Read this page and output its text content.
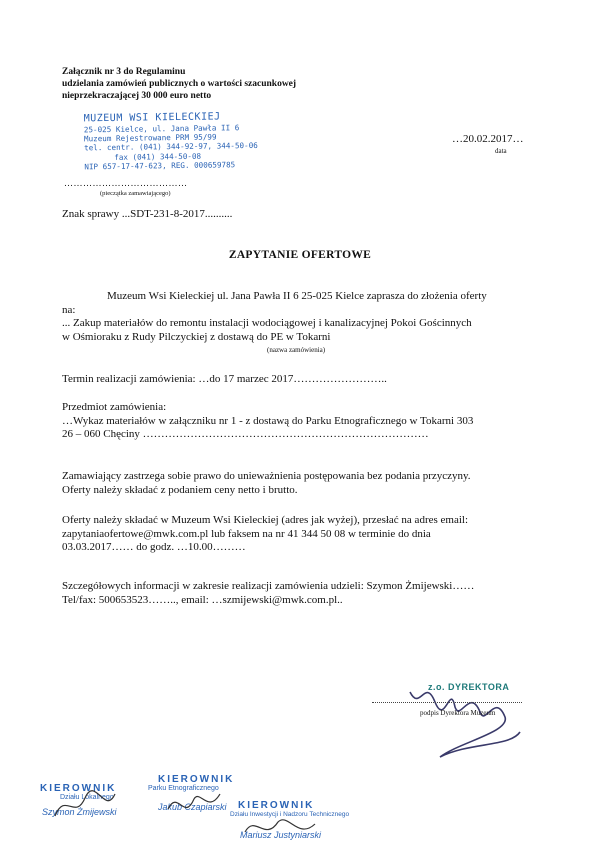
Załącznik nr 3 do Regulaminu
udzielania zamówień publicznych o wartości szacunkowej
nieprzekraczającej 30 000 euro netto
MUZEUM WSI KIELECKIEJ
25-025 Kielce, ul. Jana Pawła II 6
Muzeum Rejestrowane PRM 95/99
tel. centr. (041) 344-92-97, 344-50-06
fax (041) 344-50-08
NIP 657-17-47-623, REG. 000659785
…………………………………
(pieczątka zamawiającego)
…20.02.2017…
data
Znak sprawy ...SDT-231-8-2017..........
ZAPYTANIE OFERTOWE
Muzeum Wsi Kieleckiej ul. Jana Pawła II 6 25-025 Kielce zaprasza do złożenia oferty
na:
... Zakup materiałów do remontu instalacji wodociągowej i kanalizacyjnej Pokoi Gościnnych
w Ośmioraku z Rudy Pilczyckiej z dostawą do PE w Tokarni
(nazwa zamówienia)
Termin realizacji zamówienia: …do 17 marzec 2017……………………..
Przedmiot zamówienia:
…Wykaz materiałów w załączniku nr 1 - z dostawą do Parku Etnograficznego w Tokarni 303
26 – 060 Chęciny ……………………………………………………………………
Zamawiający zastrzega sobie prawo do unieważnienia postępowania bez podania przyczyny.
Oferty należy składać z podaniem ceny netto i brutto.
Oferty należy składać w Muzeum Wsi Kieleckiej (adres jak wyżej), przesłać na adres email:
zapytaniaofertowe@mwk.com.pl lub faksem na nr 41 344 50 08 w terminie do dnia
03.03.2017…… do godz. …10.00………
Szczegółowych informacji w zakresie realizacji zamówienia udzieli: Szymon Żmijewski……
Tel/fax: 500653523…….., email: …szmijewski@mwk.com.pl..
z.o. DYREKTORA
podpis Dyrektora Muzeum
KIEROWNIK
Działu Lokalnego
Szymon Żmijewski
KIEROWNIK
Parku Etnograficznego
Jakub Czapiarski	KIEROWNIK
Działu Inwestycji i Nadzoru Technicznego
Mariusz Justyniarski
